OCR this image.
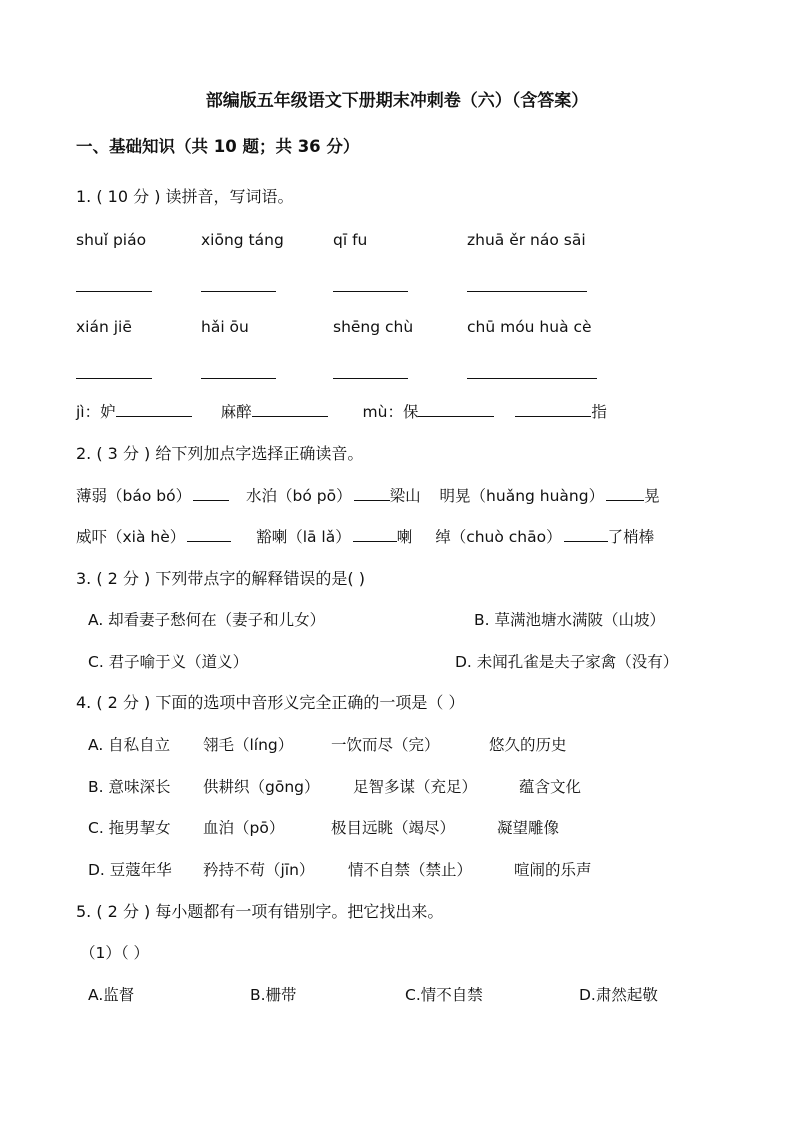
部编版五年级语文下册期末冲刺卷（六）（含答案）
一、基础知识（共 10 题；共 36 分）
1. ( 10 分 ) 读拼音，写词语。
shuǐ piáo	xiōng táng	qī fu	zhuā ěr náo sāi
xián jiē	hǎi ōu	shēng chù	chū móu huà cè
jì：妒	麻醉	mù：保	指
2. ( 3 分 ) 给下列加点字选择正确读音。
薄弱（báo bó）	水泊（bó pō） 梁山 明晃（huǎng huàng）	晃
威吓（xià hè）	豁喇（lā lǎ）	喇 绰（chuò chāo）	了梢棒
3. ( 2 分 ) 下列带点字的解释错误的是( )
A. 却看妻子愁何在（妻子和儿女）	B. 草满池塘水满陂（山坡）
C. 君子喻于义（道义）	D. 未闻孔雀是夫子家禽（没有）
4. ( 2 分 ) 下面的选项中音形义完全正确的一项是（ ）
A. 自私自立 翎毛（líng） 一饮而尽（完）	悠久的历史
B. 意味深长 供耕织（gōng） 足智多谋（充足）	蕴含文化
C. 拖男挈女 血泊（pō）	极目远眺（竭尽）	凝望雕像
D. 豆蔻年华 矜持不苟（jīn） 情不自禁（禁止）	喧闹的乐声
5. ( 2 分 ) 每小题都有一项有错别字。把它找出来。
（1）（ ）
A.监督	B.栅带	C.情不自禁	D.肃然起敬
